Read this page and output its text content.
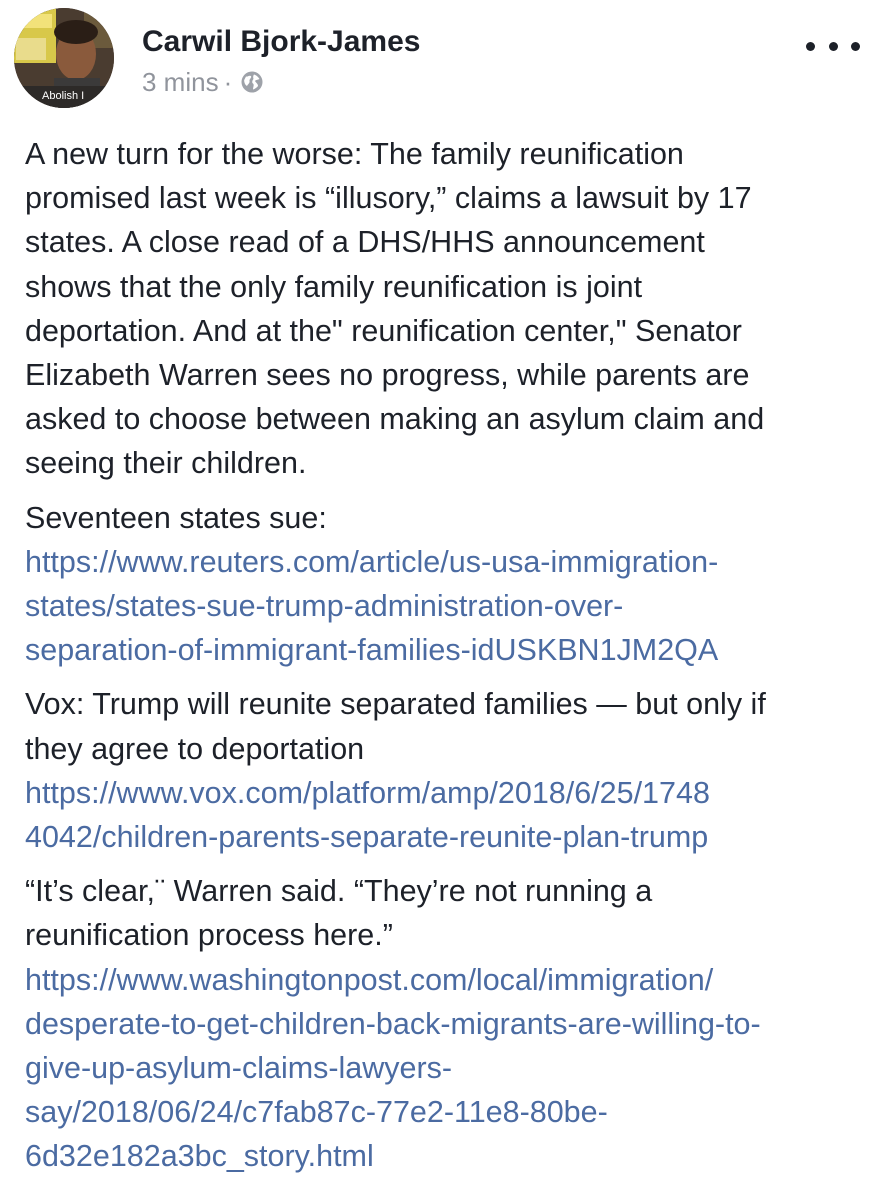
Abolish I
Carwil Bjork-James
3 mins ·
A new turn for the worse: The family reunification
promised last week is “illusory,” claims a lawsuit by 17
states. A close read of a DHS/HHS announcement
shows that the only family reunification is joint
deportation. And at the" reunification center," Senator
Elizabeth Warren sees no progress, while parents are
asked to choose between making an asylum claim and
seeing their children.
Seventeen states sue:
https://www.reuters.com/article/us-usa-immigration-
states/states-sue-trump-administration-over-
separation-of-immigrant-families-idUSKBN1JM2QA
Vox: Trump will reunite separated families — but only if
they agree to deportation
https://www.vox.com/platform/amp/2018/6/25/1748
4042/children-parents-separate-reunite-plan-trump
“It’s clear,¨ Warren said. “They’re not running a
reunification process here.”
https://www.washingtonpost.com/local/immigration/
desperate-to-get-children-back-migrants-are-willing-to-
give-up-asylum-claims-lawyers-
say/2018/06/24/c7fab87c-77e2-11e8-80be-
6d32e182a3bc_story.html
